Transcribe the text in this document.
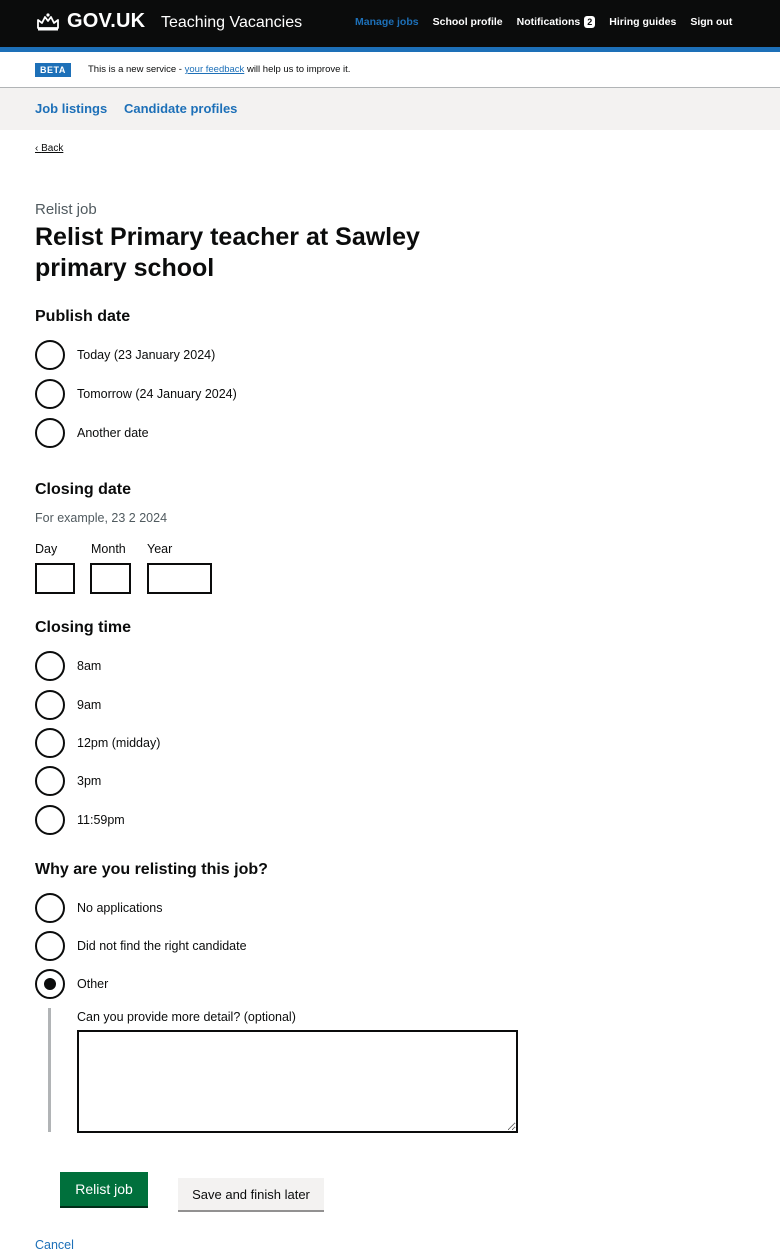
GOV.UK Teaching Vacancies	Manage jobs School profile Notifications 2 Hiring guides Sign out
BETA	This is a new service - your feedback will help us to improve it.
Job listings Candidate profiles
‹ Back
Relist job
Relist Primary teacher at Sawley primary school
Publish date
Today (23 January 2024)
Tomorrow (24 January 2024)
Another date
Closing date
For example, 23 2 2024
Day	Month Year
Closing time
8am
9am
12pm (midday)
3pm
11:59pm
Why are you relisting this job?
No applications
Did not find the right candidate
Other
Can you provide more detail? (optional)
Relist job	Save and finish later
Cancel
